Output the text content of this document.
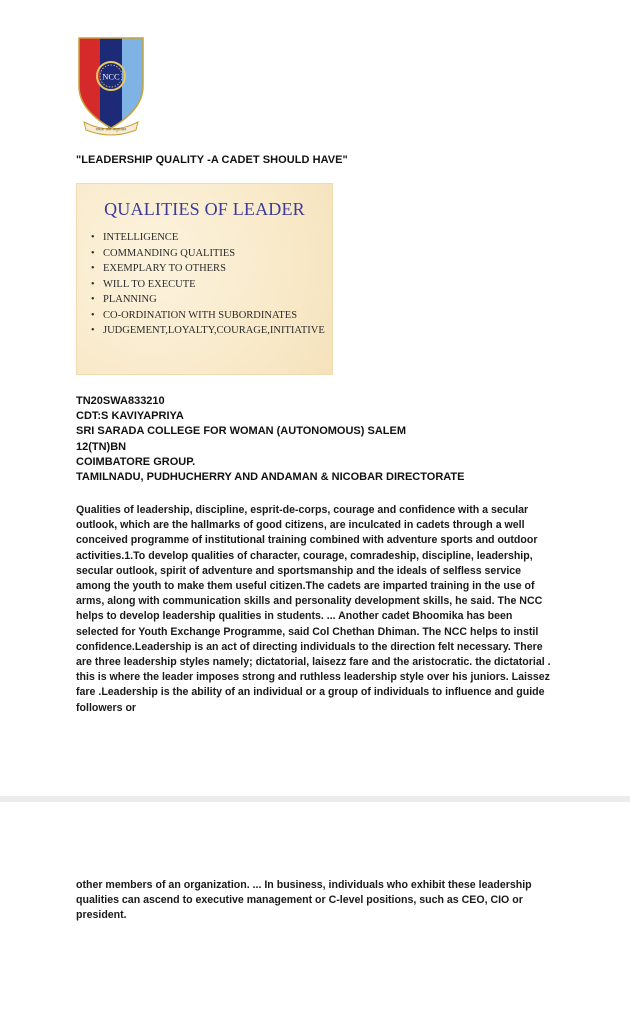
NCC
एकता और अनुशासन
"LEADERSHIP QUALITY -A CADET SHOULD HAVE"
QUALITIES OF LEADER
• INTELLIGENCE
• COMMANDING QUALITIES
• EXEMPLARY TO OTHERS
• WILL TO EXECUTE
• PLANNING
• CO-ORDINATION WITH SUBORDINATES
• JUDGEMENT,LOYALTY,COURAGE,INITIATIVE
TN20SWA833210
CDT:S KAVIYAPRIYA
SRI SARADA COLLEGE FOR WOMAN (AUTONOMOUS) SALEM
12(TN)BN
COIMBATORE GROUP.
TAMILNADU, PUDHUCHERRY AND ANDAMAN & NICOBAR DIRECTORATE

Qualities of leadership, discipline, esprit-de-corps, courage and confidence with a secular outlook, which are the hallmarks of good citizens, are inculcated in cadets through a well conceived programme of institutional training combined with adventure sports and outdoor activities.1.To develop qualities of character, courage, comradeship, discipline, leadership, secular outlook, spirit of adventure and sportsmanship and the ideals of selfless service among the youth to make them useful citizen.The cadets are imparted training in the use of arms, along with communication skills and personality development skills, he said. The NCC helps to develop leadership qualities in students. ... Another cadet Bhoomika has been selected for Youth Exchange Programme, said Col Chethan Dhiman. The NCC helps to instil confidence.Leadership is an act of directing individuals to the direction felt necessary. There are three leadership styles namely; dictatorial, laisezz fare and the aristocratic. the dictatorial . this is where the leader imposes strong and ruthless leadership style over his juniors. Laissez fare .Leadership is the ability of an individual or a group of individuals to influence and guide followers or

other members of an organization. ... In business, individuals who exhibit these leadership qualities can ascend to executive management or C-level positions, such as CEO, CIO or president.
